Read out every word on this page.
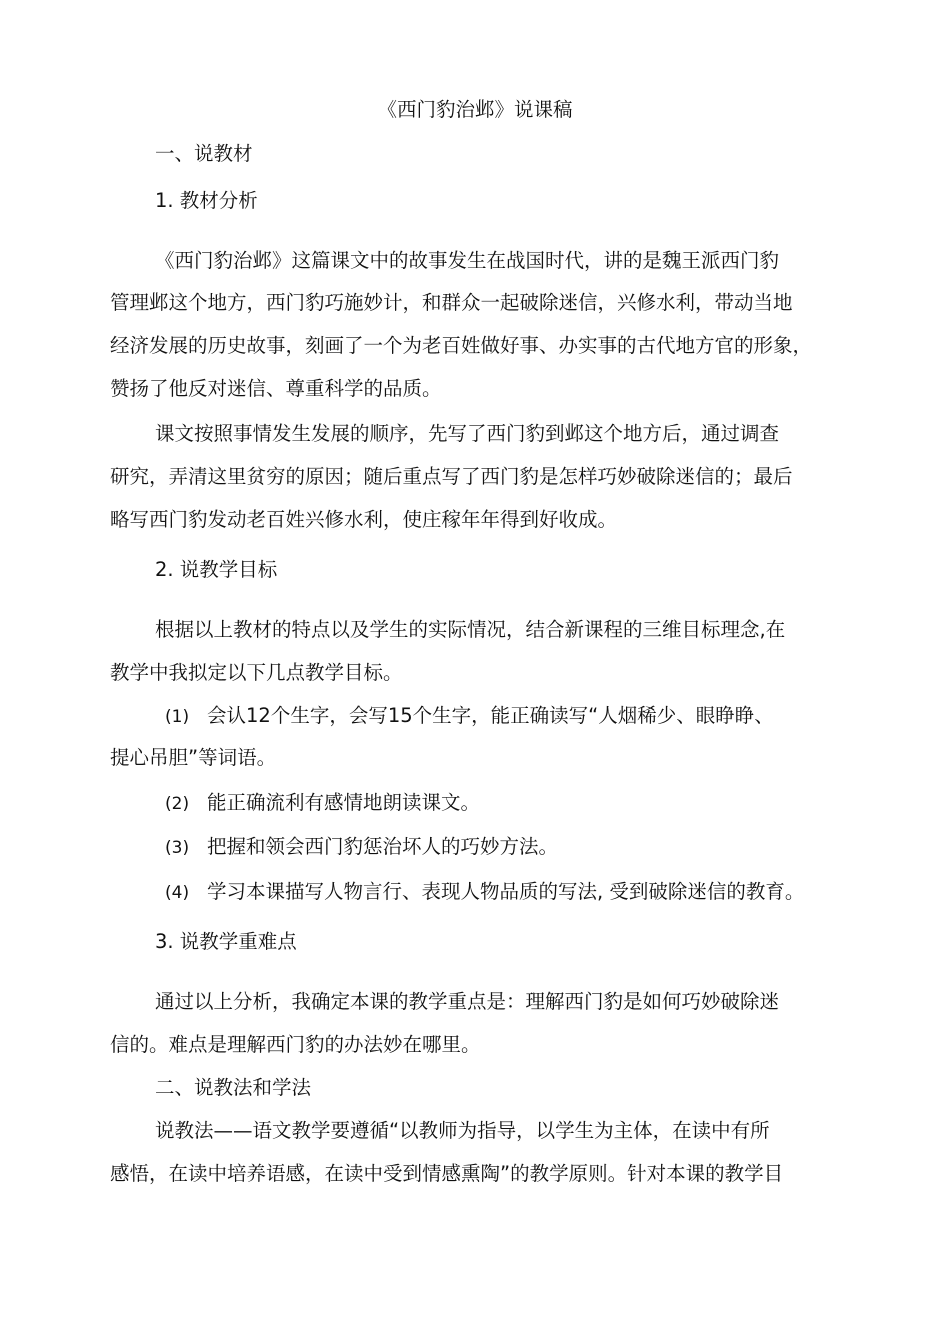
《西门豹治邺》说课稿
一、说教材
1. 教材分析
《西门豹治邺》这篇课文中的故事发生在战国时代，讲的是魏王派西门豹
管理邺这个地方，西门豹巧施妙计，和群众一起破除迷信，兴修水利，带动当地
经济发展的历史故事，刻画了一个为老百姓做好事、办实事的古代地方官的形象，
赞扬了他反对迷信、尊重科学的品质。
课文按照事情发生发展的顺序，先写了西门豹到邺这个地方后，通过调查
研究，弄清这里贫穷的原因；随后重点写了西门豹是怎样巧妙破除迷信的；最后
略写西门豹发动老百姓兴修水利，使庄稼年年得到好收成。
2. 说教学目标
根据以上教材的特点以及学生的实际情况，结合新课程的三维目标理念,在
教学中我拟定以下几点教学目标。
(1) 会认12个生字，会写15个生字，能正确读写“人烟稀少、眼睁睁、
提心吊胆”等词语。
(2) 能正确流利有感情地朗读课文。
(3) 把握和领会西门豹惩治坏人的巧妙方法。
(4) 学习本课描写人物言行、表现人物品质的写法, 受到破除迷信的教育。
3. 说教学重难点
通过以上分析，我确定本课的教学重点是：理解西门豹是如何巧妙破除迷
信的。难点是理解西门豹的办法妙在哪里。
二、说教法和学法
说教法——语文教学要遵循“以教师为指导，以学生为主体，在读中有所
感悟，在读中培养语感，在读中受到情感熏陶”的教学原则。针对本课的教学目
